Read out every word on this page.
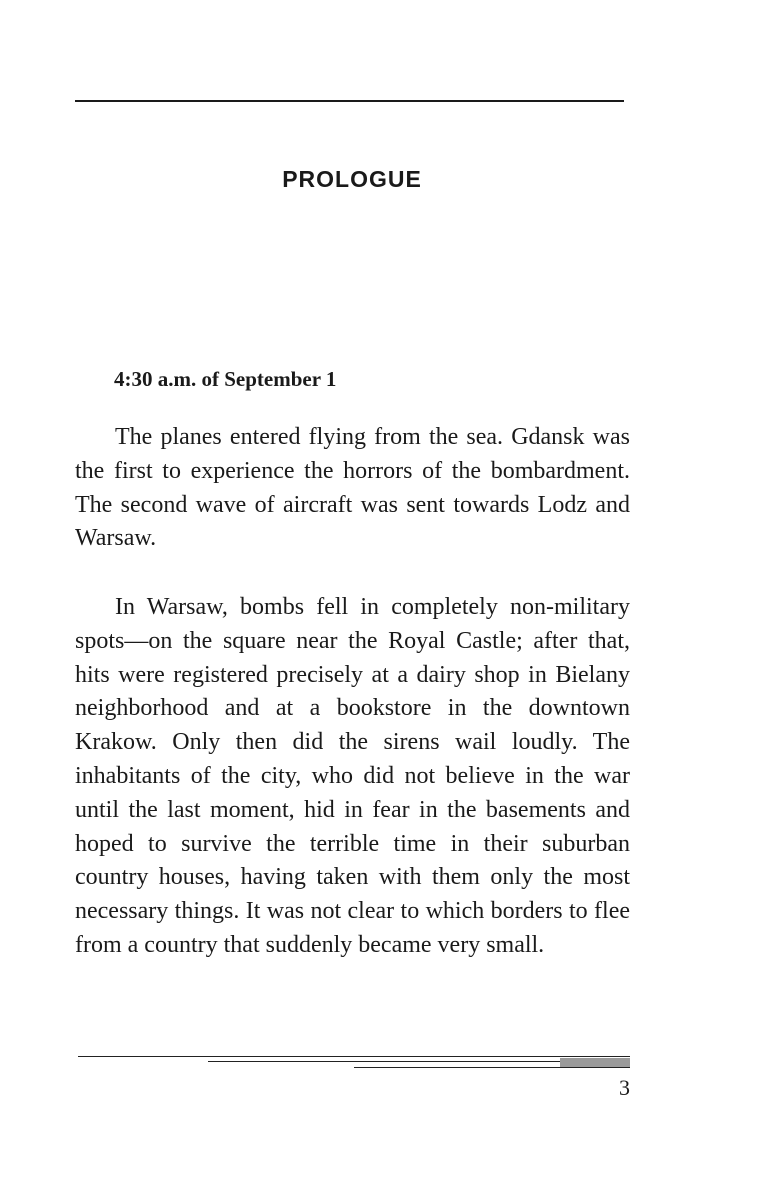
PROLOGUE
4:30 a.m. of September 1

The planes entered flying from the sea. Gdansk was the first to experience the horrors of the bombardment. The second wave of aircraft was sent towards Lodz and Warsaw.

In Warsaw, bombs fell in completely non-military spots—on the square near the Royal Castle; after that, hits were registered precisely at a dairy shop in Bielany neighborhood and at a bookstore in the downtown Krakow. Only then did the sirens wail loudly. The inhabitants of the city, who did not believe in the war until the last moment, hid in fear in the basements and hoped to survive the terrible time in their suburban country houses, having taken with them only the most necessary things. It was not clear to which borders to flee from a country that suddenly became very small.

3
